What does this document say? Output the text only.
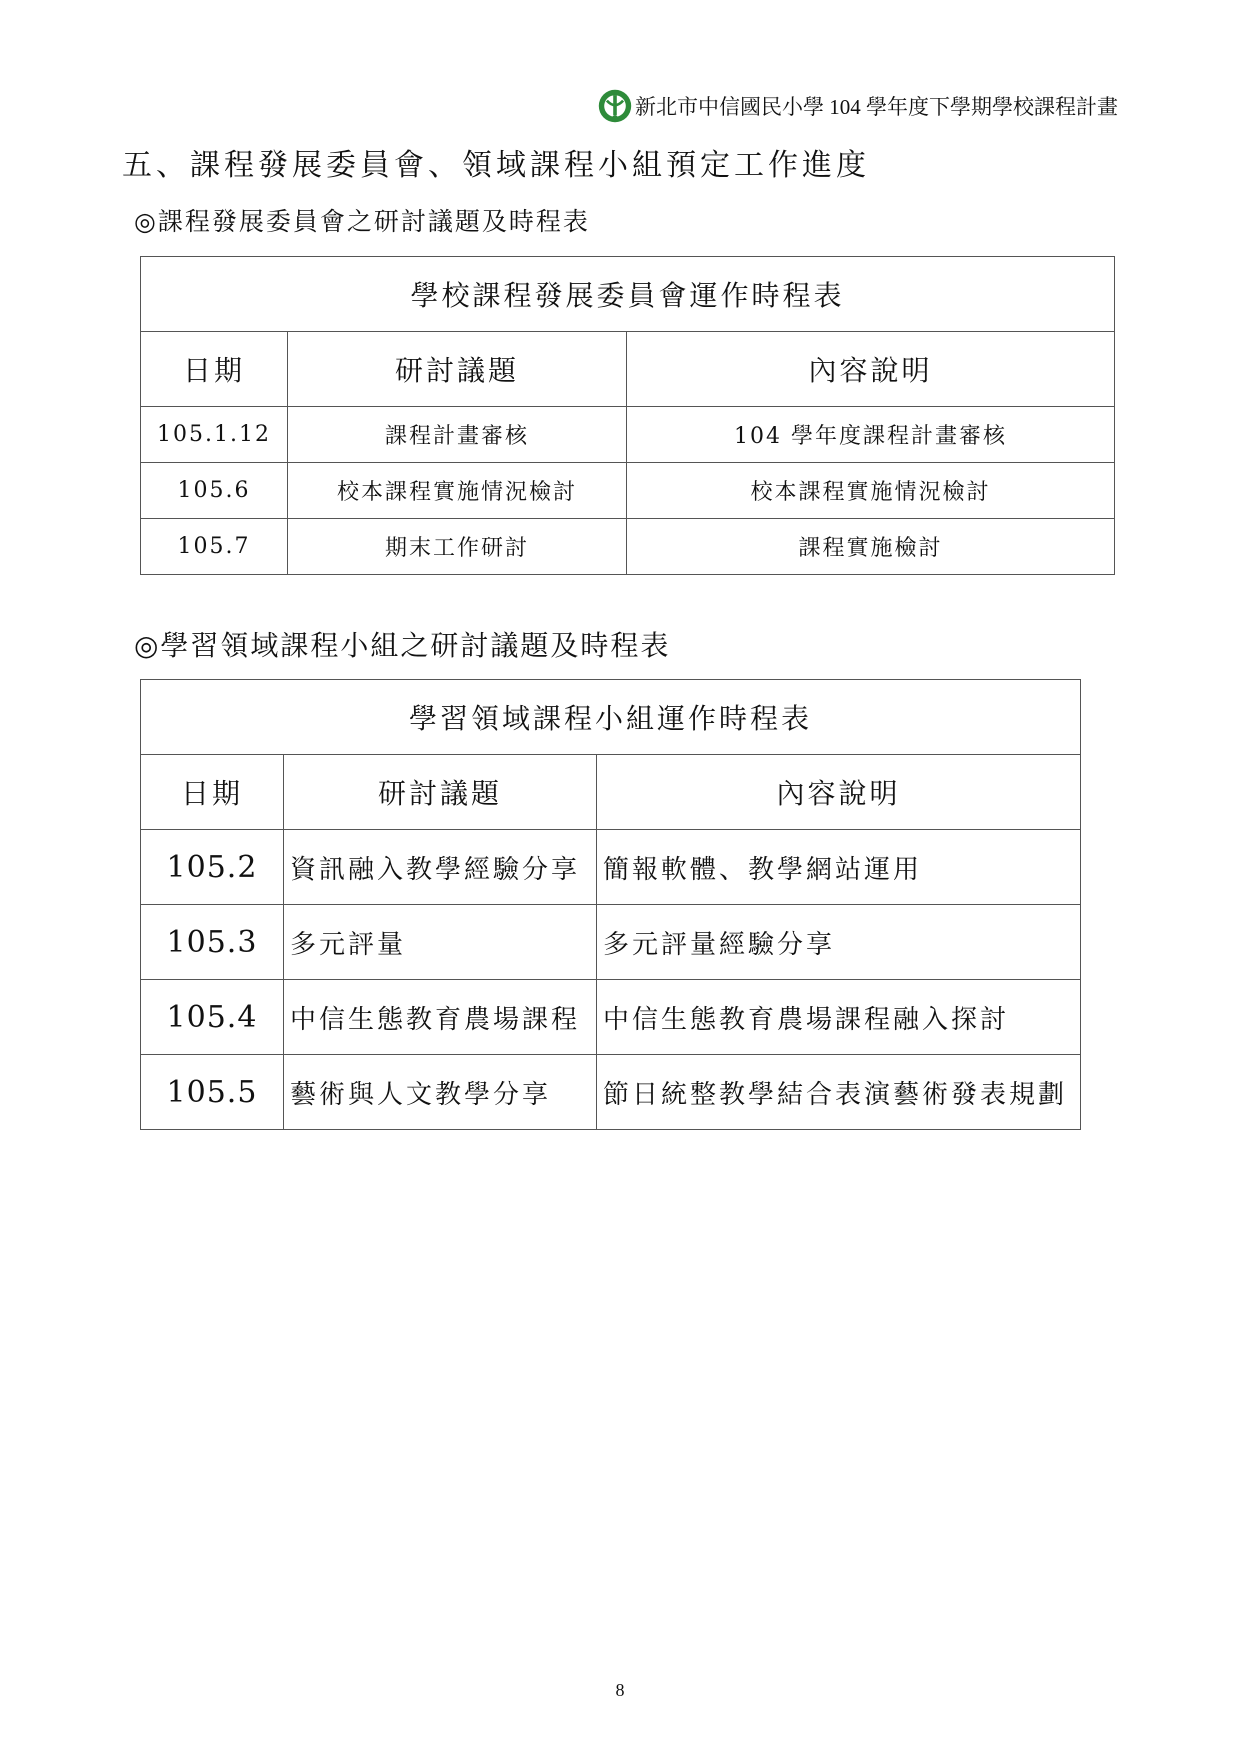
新北市中信國民小學 104 學年度下學期學校課程計畫
五、課程發展委員會、領域課程小組預定工作進度
◎課程發展委員會之研討議題及時程表
學校課程發展委員會運作時程表		
日期	研討議題	內容說明
105.1.12	課程計畫審核	104 學年度課程計畫審核
105.6	校本課程實施情況檢討	校本課程實施情況檢討
105.7	期末工作研討	課程實施檢討
◎學習領域課程小組之研討議題及時程表
學習領域課程小組運作時程表		
日期	研討議題	內容說明
105.2	資訊融入教學經驗分享	簡報軟體、教學網站運用
105.3	多元評量	多元評量經驗分享
105.4	中信生態教育農場課程	中信生態教育農場課程融入探討
105.5	藝術與人文教學分享	節日統整教學結合表演藝術發表規劃
8
